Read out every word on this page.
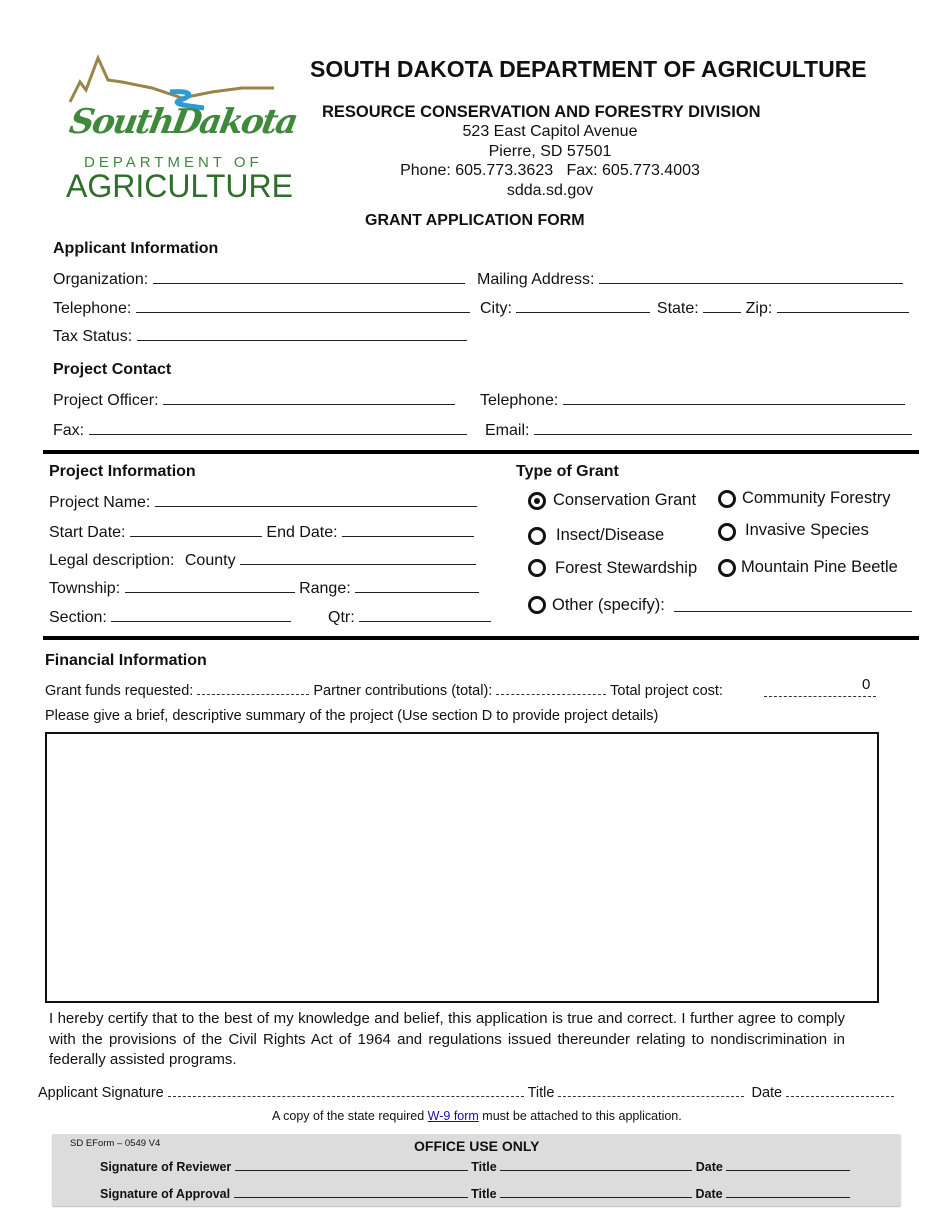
SouthDakota
DEPARTMENT OF
AGRICULTURE
SOUTH DAKOTA DEPARTMENT OF AGRICULTURE
RESOURCE CONSERVATION AND FORESTRY DIVISION
523 East Capitol Avenue
Pierre, SD 57501
Phone: 605.773.3623   Fax: 605.773.4003
sdda.sd.gov
GRANT APPLICATION FORM
Applicant Information
Organization:	Mailing Address:
Telephone:	City:	State:	Zip:
Tax Status:
Project Contact
Project Officer:	Telephone:
Fax:	Email:
Project Information
Project Name:
Start Date:	End Date:
Legal description: County
Township:	Range:
Section:	Qtr:
Type of Grant
Conservation Grant	Community Forestry
Insect/Disease	Invasive Species
Forest Stewardship	Mountain Pine Beetle
Other (specify):
Financial Information
Grant funds requested:	Partner contributions (total):	Total project cost:	0
Please give a brief, descriptive summary of the project (Use section D to provide project details)
I hereby certify that to the best of my knowledge and belief, this application is true and correct. I further agree to comply with the provisions of the Civil Rights Act of 1964 and regulations issued thereunder relating to nondiscrimination in federally assisted programs.
Applicant Signature	Title	Date
A copy of the state required W-9 form must be attached to this application.
SD EForm – 0549 V4	OFFICE USE ONLY
Signature of Reviewer	Title	Date
Signature of Approval	Title	Date
